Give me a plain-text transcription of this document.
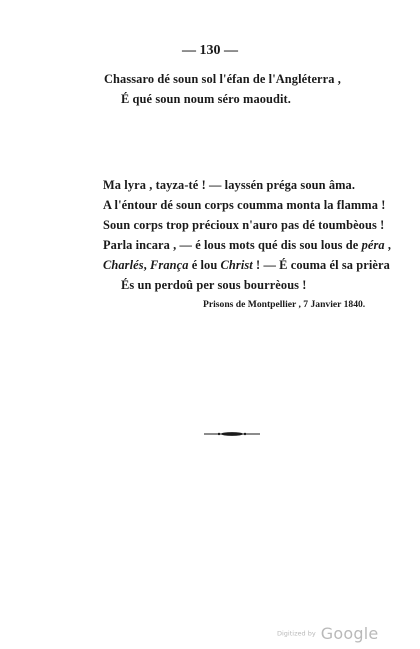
— 130 —
Chassaro dé soun sol l'éfan de l'Angléterra ,
É qué soun noum séro maoudit.
Ma lyra , tayza-té ! — layssén préga soun âma.
A l'éntour dé soun corps coumma monta la flamma !
Soun corps trop précioux n'auro pas dé toumbèous !
Parla incara , — é lous mots qué dis sou lous de péra ,
Charlés, França é lou Christ ! — É couma él sa prièra
És un perdoû per sous bourrèous !
Prisons de Montpellier , 7 Janvier 1840.
Digitized by Google
